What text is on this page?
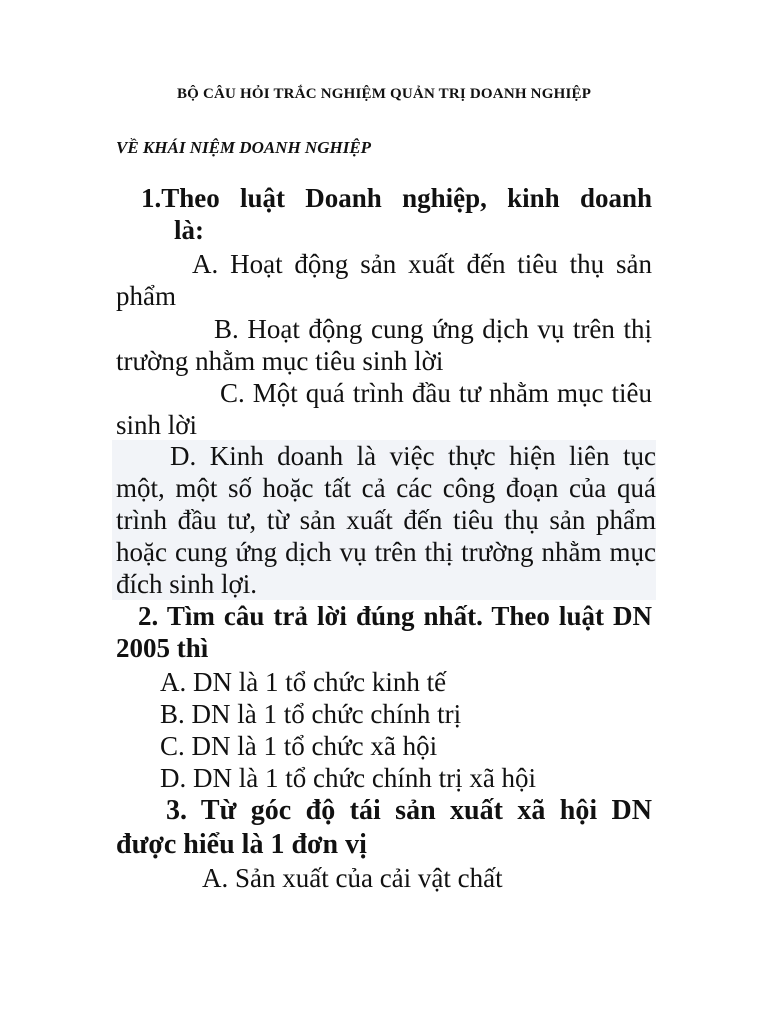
BỘ CÂU HỎI TRẮC NGHIỆM QUẢN TRỊ DOANH NGHIỆP
VỀ KHÁI NIỆM DOANH NGHIỆP
1.Theo luật Doanh nghiệp, kinh doanh
là:
A. Hoạt động sản xuất đến tiêu thụ sản phẩm
B. Hoạt động cung ứng dịch vụ trên thị trường nhằm mục tiêu sinh lời
C. Một quá trình đầu tư nhằm mục tiêu sinh lời
D. Kinh doanh là việc thực hiện liên tục một, một số hoặc tất cả các công đoạn của quá trình đầu tư, từ sản xuất đến tiêu thụ sản phẩm hoặc cung ứng dịch vụ trên thị trường nhằm mục đích sinh lợi.
2. Tìm câu trả lời đúng nhất. Theo luật DN 2005 thì
A. DN là 1 tổ chức kinh tế
B. DN là 1 tổ chức chính trị
C. DN là 1 tổ chức xã hội
D. DN là 1 tổ chức chính trị xã hội
3. Từ góc độ tái sản xuất xã hội DN được hiểu là 1 đơn vị
A. Sản xuất của cải vật chất
